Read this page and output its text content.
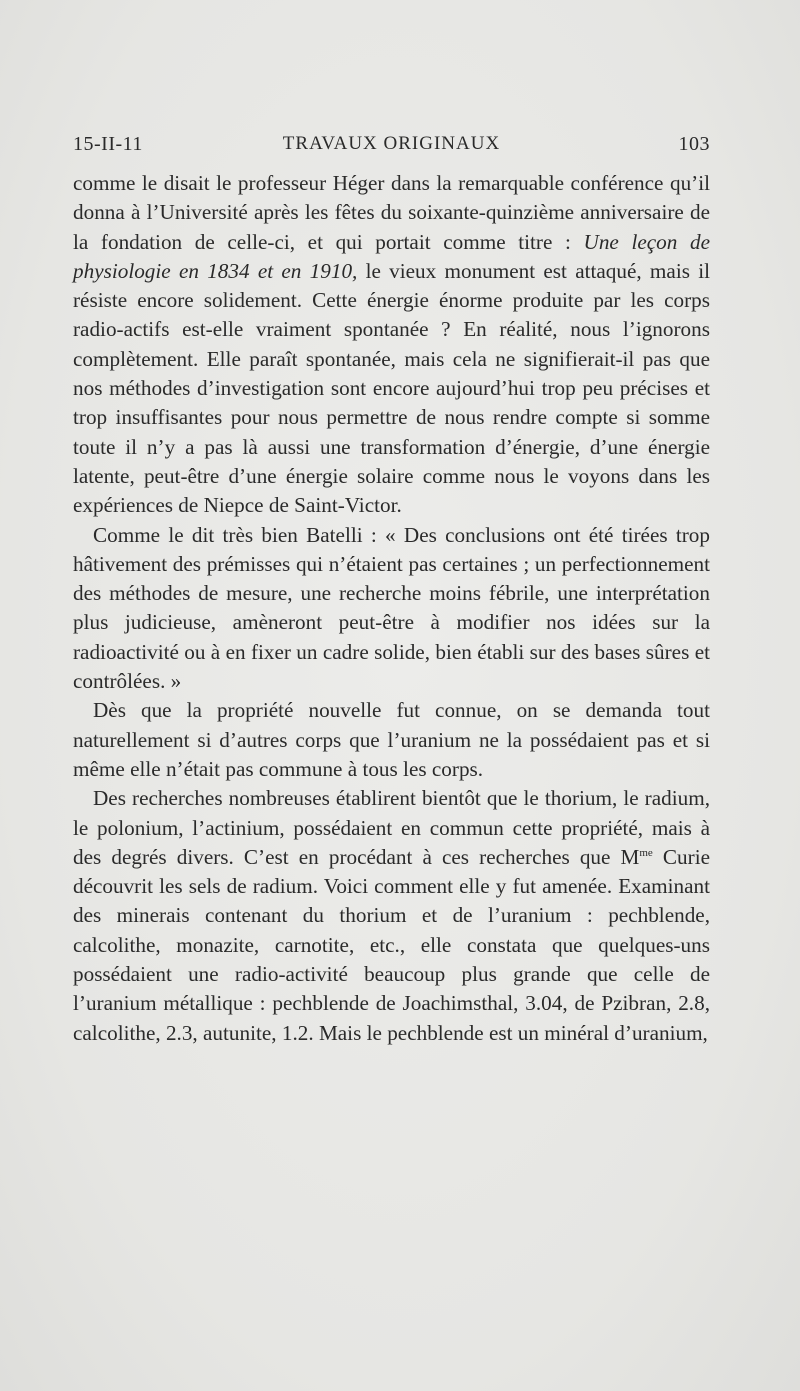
15-II-11	TRAVAUX ORIGINAUX	103

comme le disait le professeur Héger dans la remarquable conférence qu’il donna à l’Université après les fêtes du soixante-quinzième anniversaire de la fondation de celle-ci, et qui portait comme titre : Une leçon de physiologie en 1834 et en 1910, le vieux monument est attaqué, mais il résiste encore solidement. Cette énergie énorme produite par les corps radio-actifs est-elle vraiment spontanée ? En réalité, nous l’ignorons complètement. Elle paraît spontanée, mais cela ne signifierait-il pas que nos méthodes d’investigation sont encore aujourd’hui trop peu précises et trop insuffisantes pour nous permettre de nous rendre compte si somme toute il n’y a pas là aussi une transformation d’énergie, d’une énergie latente, peut-être d’une énergie solaire comme nous le voyons dans les expériences de Niepce de Saint-Victor.

Comme le dit très bien Batelli : « Des conclusions ont été tirées trop hâtivement des prémisses qui n’étaient pas certaines ; un perfectionnement des méthodes de mesure, une recherche moins fébrile, une interprétation plus judicieuse, amèneront peut-être à modifier nos idées sur la radioactivité ou à en fixer un cadre solide, bien établi sur des bases sûres et contrôlées. »

Dès que la propriété nouvelle fut connue, on se demanda tout naturellement si d’autres corps que l’uranium ne la possédaient pas et si même elle n’était pas commune à tous les corps.

Des recherches nombreuses établirent bientôt que le thorium, le radium, le polonium, l’actinium, possédaient en commun cette propriété, mais à des degrés divers. C’est en procédant à ces recherches que $M^{me}$ Curie découvrit les sels de radium. Voici comment elle y fut amenée. Examinant des minerais contenant du thorium et de l’uranium : pechblende, calcolithe, monazite, carnotite, etc., elle constata que quelques-uns possédaient une radio-activité beaucoup plus grande que celle de l’uranium métallique : pechblende de Joachimsthal, 3.04, de Pzibran, 2.8, calcolithe, 2.3, autunite, 1.2. Mais le pechblende est un minéral d’uranium,
